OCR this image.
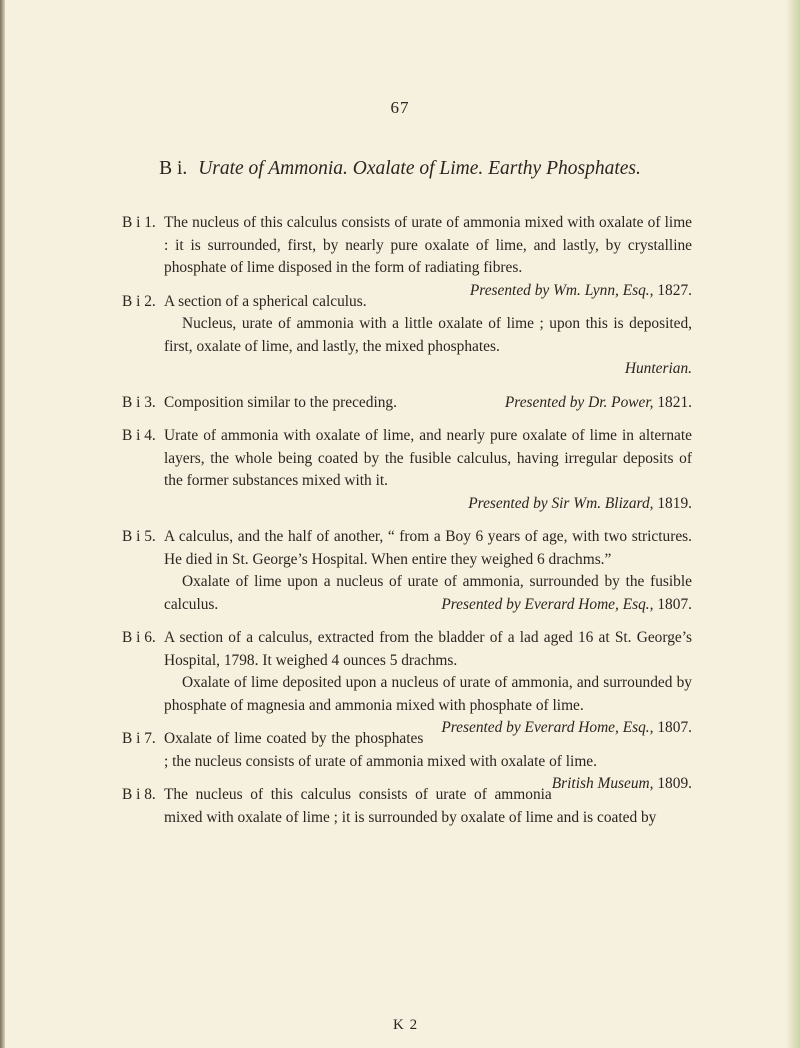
67
B i. Urate of Ammonia. Oxalate of Lime. Earthy Phosphates.
B i 1. The nucleus of this calculus consists of urate of ammonia mixed with oxalate of lime : it is surrounded, first, by nearly pure oxalate of lime, and lastly, by crystalline phosphate of lime disposed in the form of radiating fibres.
Presented by Wm. Lynn, Esq., 1827.

B i 2. A section of a spherical calculus.

Nucleus, urate of ammonia with a little oxalate of lime ; upon this is deposited, first, oxalate of lime, and lastly, the mixed phosphates.

Hunterian.
B i 3. Composition similar to the preceding.	Presented by Dr. Power, 1821.

B i 4. Urate of ammonia with oxalate of lime, and nearly pure oxalate of lime in alternate layers, the whole being coated by the fusible calculus, having irregular deposits of the former substances mixed with it.

Presented by Sir Wm. Blizard, 1819.
B i 5. A calculus, and the half of another, “ from a Boy 6 years of age, with two strictures. He died in St. George’s Hospital. When entire they weighed 6 drachms.”

Oxalate of lime upon a nucleus of urate of ammonia, surrounded by the fusible calculus.	Presented by Everard Home, Esq., 1807.

B i 6. A section of a calculus, extracted from the bladder of a lad aged 16 at St. George’s Hospital, 1798. It weighed 4 ounces 5 drachms.

Oxalate of lime deposited upon a nucleus of urate of ammonia, and surrounded by phosphate of magnesia and ammonia mixed with phosphate of lime.
Presented by Everard Home, Esq., 1807.

B i 7. Oxalate of lime coated by the phosphates ; the nucleus consists of urate of ammonia mixed with oxalate of lime.
British Museum, 1809.

B i 8. The nucleus of this calculus consists of urate of ammonia mixed with oxalate of lime ; it is surrounded by oxalate of lime and is coated by

K 2
